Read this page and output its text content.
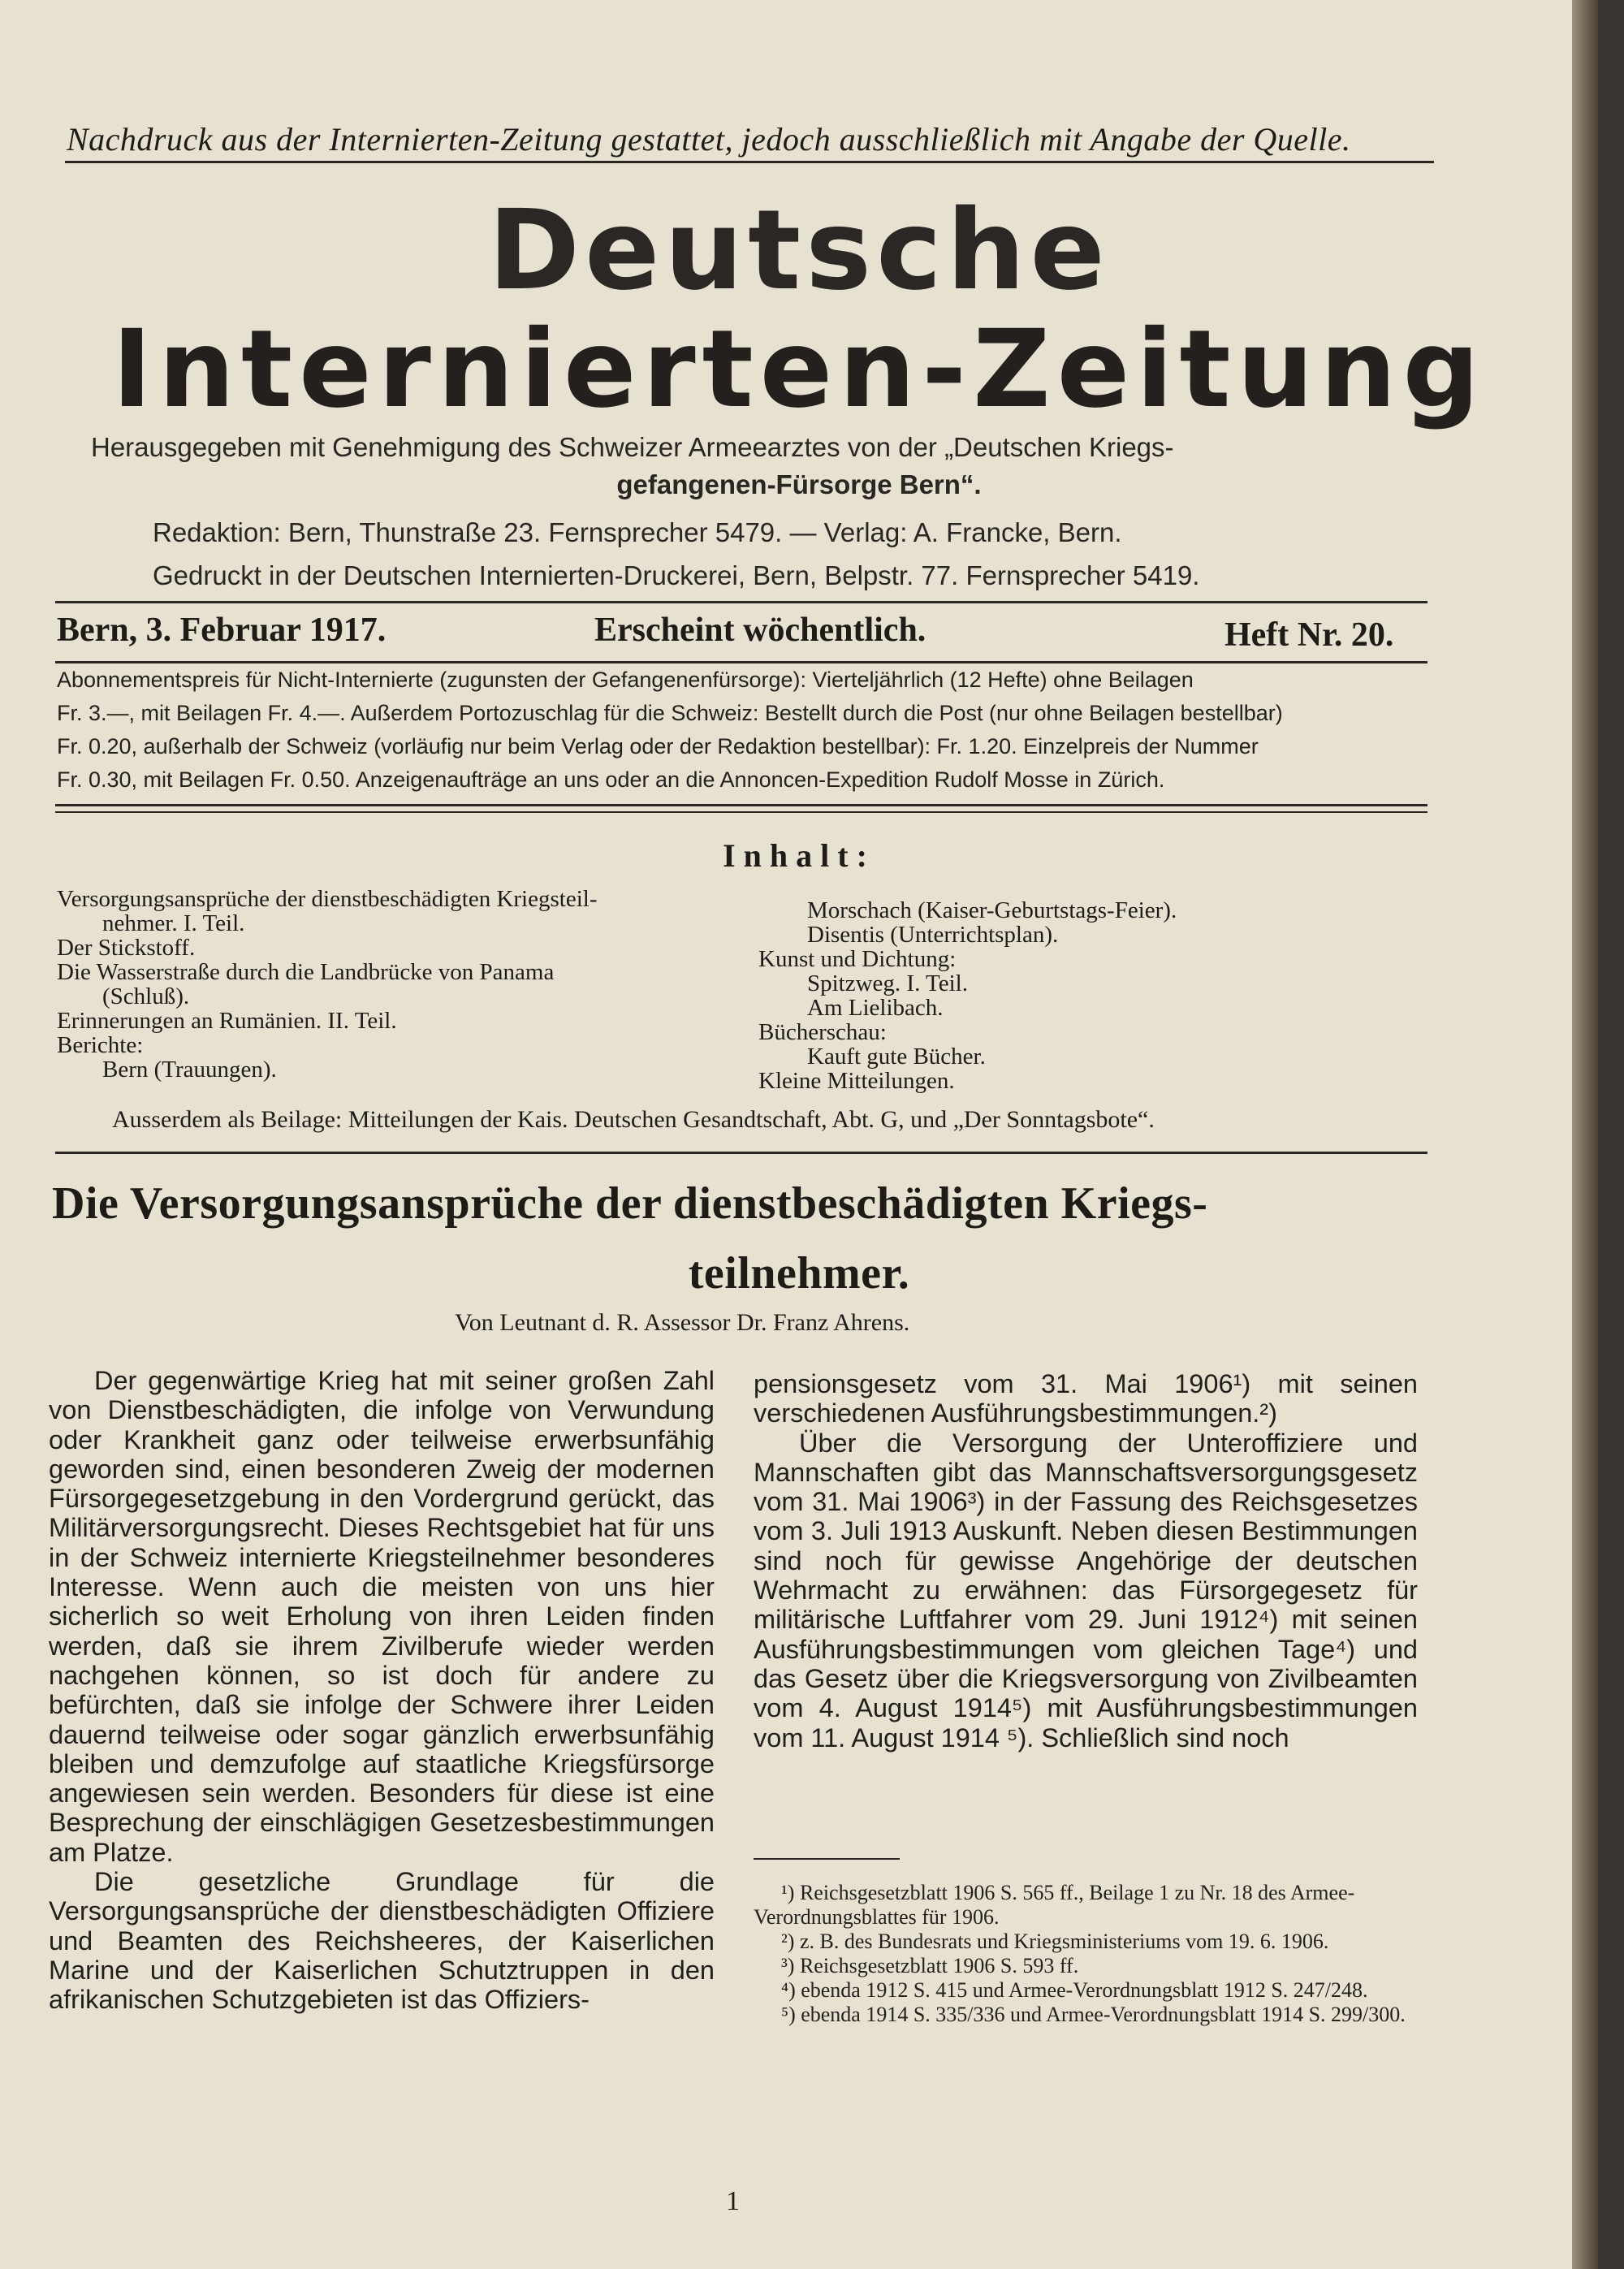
Nachdruck aus der Internierten-Zeitung gestattet, jedoch ausschließlich mit Angabe der Quelle.
Deutsche
Internierten-Zeitung
Herausgegeben mit Genehmigung des Schweizer Armeearztes von der „Deutschen Kriegs-
gefangenen-Fürsorge Bern“.
Redaktion: Bern, Thunstraße 23. Fernsprecher 5479. — Verlag: A. Francke, Bern.
Gedruckt in der Deutschen Internierten-Druckerei, Bern, Belpstr. 77. Fernsprecher 5419.
Bern, 3. Februar 1917.	Erscheint wöchentlich.	Heft Nr. 20.
Abonnementspreis für Nicht-Internierte (zugunsten der Gefangenenfürsorge): Vierteljährlich (12 Hefte) ohne Beilagen
Fr. 3.—, mit Beilagen Fr. 4.—. Außerdem Portozuschlag für die Schweiz: Bestellt durch die Post (nur ohne Beilagen bestellbar)
Fr. 0.20, außerhalb der Schweiz (vorläufig nur beim Verlag oder der Redaktion bestellbar): Fr. 1.20. Einzelpreis der Nummer
Fr. 0.30, mit Beilagen Fr. 0.50. Anzeigenaufträge an uns oder an die Annoncen-Expedition Rudolf Mosse in Zürich.
Inhalt:
Versorgungsansprüche der dienstbeschädigten Kriegsteil-
nehmer. I. Teil.
Der Stickstoff.
Die Wasserstraße durch die Landbrücke von Panama
(Schluß).
Erinnerungen an Rumänien. II. Teil.
Berichte:
Bern (Trauungen).
Morschach (Kaiser-Geburtstags-Feier).
Disentis (Unterrichtsplan).
Kunst und Dichtung:
Spitzweg. I. Teil.
Am Lielibach.
Bücherschau:
Kauft gute Bücher.
Kleine Mitteilungen.
Ausserdem als Beilage: Mitteilungen der Kais. Deutschen Gesandtschaft, Abt. G, und „Der Sonntagsbote“.
Die Versorgungsansprüche der dienstbeschädigten Kriegs-
teilnehmer.
Von Leutnant d. R. Assessor Dr. Franz Ahrens.

Der gegenwärtige Krieg hat mit seiner großen Zahl von Dienstbeschädigten, die infolge von Verwundung oder Krankheit ganz oder teilweise erwerbsunfähig geworden sind, einen besonderen Zweig der modernen Fürsorgegesetzgebung in den Vordergrund gerückt, das Militärversorgungsrecht. Dieses Rechtsgebiet hat für uns in der Schweiz internierte Kriegsteilnehmer besonderes Interesse. Wenn auch die meisten von uns hier sicherlich so weit Erholung von ihren Leiden finden werden, daß sie ihrem Zivilberufe wieder werden nachgehen können, so ist doch für andere zu befürchten, daß sie infolge der Schwere ihrer Leiden dauernd teilweise oder sogar gänzlich erwerbsunfähig bleiben und demzufolge auf staatliche Kriegsfürsorge angewiesen sein werden. Besonders für diese ist eine Besprechung der einschlägigen Gesetzesbestimmungen am Platze.

Die gesetzliche Grundlage für die Versorgungsansprüche der dienstbeschädigten Offiziere und Beamten des Reichsheeres, der Kaiserlichen Marine und der Kaiserlichen Schutztruppen in den afrikanischen Schutzgebieten ist das Offiziers-

pensionsgesetz vom 31. Mai 1906¹) mit seinen verschiedenen Ausführungsbestimmungen.²)

Über die Versorgung der Unteroffiziere und Mannschaften gibt das Mannschaftsversorgungsgesetz vom 31. Mai 1906³) in der Fassung des Reichsgesetzes vom 3. Juli 1913 Auskunft. Neben diesen Bestimmungen sind noch für gewisse Angehörige der deutschen Wehrmacht zu erwähnen: das Fürsorgegesetz für militärische Luftfahrer vom 29. Juni 1912⁴) mit seinen Ausführungsbestimmungen vom gleichen Tage⁴) und das Gesetz über die Kriegsversorgung von Zivilbeamten vom 4. August 1914⁵) mit Ausführungsbestimmungen vom 11. August 1914 ⁵). Schließlich sind noch

¹) Reichsgesetzblatt 1906 S. 565 ff., Beilage 1 zu Nr. 18 des Armee-Verordnungsblattes für 1906.

²) z. B. des Bundesrats und Kriegsministeriums vom 19. 6. 1906.

³) Reichsgesetzblatt 1906 S. 593 ff.

⁴) ebenda 1912 S. 415 und Armee-Verordnungsblatt 1912 S. 247/248.

⁵) ebenda 1914 S. 335/336 und Armee-Verordnungsblatt 1914 S. 299/300.

1
